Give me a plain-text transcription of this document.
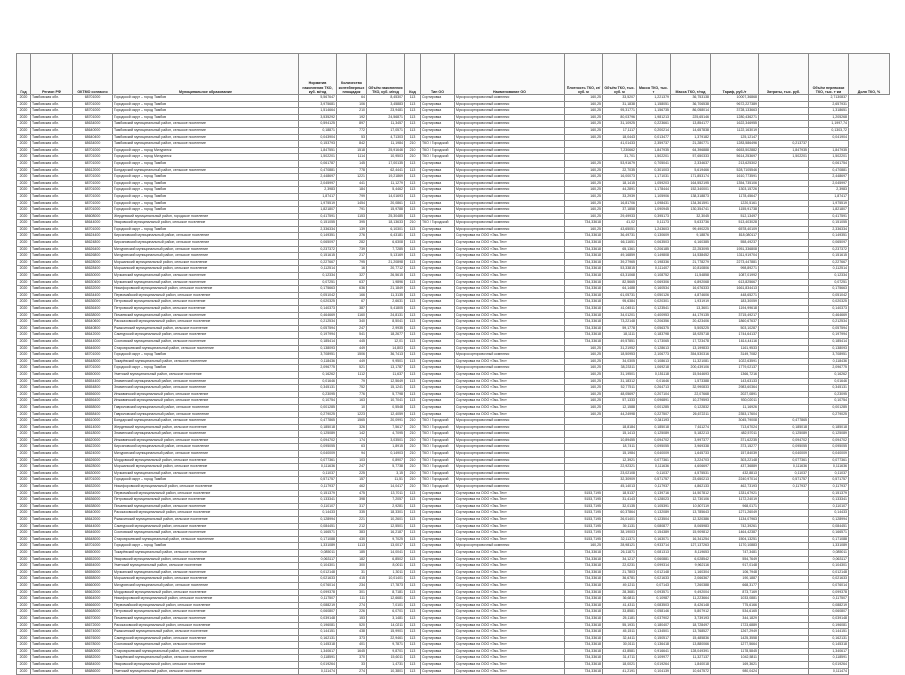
Год	Регион РФ	ОКТМО согласно	Муниципальное образование	Норматив накопления ТКО, куб. м/год	Количество контейнерных площадок	Объём накопления ТКО, куб. м/год	Код	Тип ОО	Наименование ОО	Плотность ТКО, кг/куб. м	Объём ТКО, тыс. куб. м	Масса ТКО, тыс. т	Масса ТКО, т/год	Тариф, руб./т	Затраты, тыс. руб.	Объём перевозки ТКО, тыс. т·км	Доля ТКО, %
2020	Тамбовская обл.	68701000	Городской округ – город Тамбов	5,567647	64	8,45307	113	Сортировка	Мусоросортировочный комплекс	160,25	33,5207	1,221379	36,753138	10007,36868		2,7130837	
2020	Тамбовская обл.	68701000	Городской округ – город Тамбов	3,975681	106	3,45883	113	Сортировка	Мусоросортировочный комплекс	160,25	31,1838	1,158051	36,706538	9672,227389		2,657931	
2020	Тамбовская обл.	68701000	Городской округ – город Тамбов	1,514664	210	23,9481	113	Сортировка	Мусоросортировочный комплекс	160,25	95,31771	1,156735	86,058014	3728,133663		1,318651	
2020	Тамбовская обл.	68701000	Городской округ – город Тамбов	3,535292	192	24,56871	113	Сортировка	Мусоросортировочный комплекс	160,25	80,03796	1,981213	225,65146	1280,436271		1,205268	
2020	Тамбовская обл.	68634000	Тамбовский муниципальный район, сельское поселение	0,594125	897	11,3457	113	Сортировка	Мусоросортировочный комплекс	160,25	31,10925	0,223661	13,854177	1622,346955		1,1997,74	
2020	Тамбовская обл.	68640000	Тамбовский муниципальный район, сельское поселение	0,18871	772	17,0571	113	Сортировка	Мусоросортировочный комплекс	160,25	17,1117	0,200214	14,657838	1122,163019		0,1303,72	
2020	Тамбовская обл.	68640400	Тамбовский муниципальный район, сельское поселение	0,043904	53	4,71303	113	Сортировка	Мусоросортировочный комплекс	160,25	18,0443	0,013477	1,379182	125,12147		0,041904	
2020	Тамбовская обл.	68634000	Тамбовский муниципальный район, сельское поселение	0,153793	842	11,1984	210	ТКО / Городской	Мусоросортировочный комплекс		41,01433	2,359737	21,280771	1283,586496	0,213737		
2020	Тамбовская обл.	68701000	Городской округ – город Мичуринск	1,847551	1518	25,91646	210	ТКО / Городской	Мусоросортировочный комплекс		7,230662	1,847935	64,396888	6653,502882	1,847935	1,847935	
2020	Тамбовская обл.	68701000	Городской округ – город Мичуринск	1,502201	1114	10,9503	210	ТКО / Городской	Мусоросортировочный комплекс		31,701	1,502201	57,650333	5614,253697	1,502201	1,502201	
2020	Тамбовская обл.	68701000	Городской округ – город Тамбов	0,061787	145	17,00135	113	Сортировка	Мусоросортировочный комплекс	160,25	53,91679	0,705041	2,334637	213,625302		0,061754	
2020	Тамбовская обл.	68612000	Бондарский муниципальный район, сельское поселение	0,470881	778	62,4441	113	Сортировка	Мусоросортировочный комплекс	160,25	22,7035	0,301003	5,619466	528,7105546		0,470881	
2020	Тамбовская обл.	68701000	Городской округ – город Тамбов	2,448697	1221	19,21869	113	Сортировка	Мусоросортировочный комплекс	160,25	16,00073	1,171031	171,853174	1610,773591		2,448697	
2020	Тамбовская обл.	68701000	Городской округ – город Тамбов	2,045997	441	11,1279	113	Сортировка	Мусоросортировочный комплекс	160,25	18,1415	1,059203	164,552195	1354,735106		2,045997	
2020	Тамбовская обл.	68701000	Городской округ – город Тамбов	2,3983	184	5,4462	113	Сортировка	Мусоросортировочный комплекс	160,25	44,2891	1,178444	152,340001	1303,15726		2,3983	
2020	Тамбовская обл.	68701000	Городской округ – город Тамбов	1,87417	799	14,01693	113	Сортировка	Мусоросортировочный комплекс	160,25	33,2939	1,105906	138,318873	1178,45647		1,87417	
2020	Тамбовская обл.	68701000	Городской округ – город Тамбов	1,975519	1454	20,0861	113	Сортировка	Мусоросортировочный комплекс	160,25	16,81706	1,098431	134,361591	1220,5161		1,975519	
2020	Тамбовская обл.	68701000	Городской округ – город Тамбов	1,821807	791	15,9788	113	Сортировка	Мусоросортировочный комплекс	160,25	37,1858	1,090945	130,354741	1155,91738		1,821807	
2020	Тамбовская обл.	68608000	Жердевский муниципальный район, городское поселение	0,417591	1153	25,30485	113	Сортировка	Мусоросортировочный комплекс	160,25	29,49933	0,395173	32,3045	512,13497		0,417591	
2020	Тамбовская обл.	68644000	Уваровский муниципальный район, сельское поселение	0,151055	395	18,13633	210	ТКО / Городской	Мусоросортировочный комплекс	734,33618	41,02	0,11173	5,633736	513,403028		0,151055	
2020	Тамбовская обл.	68701000	Городской округ – город Тамбов	2,336334	139	6,10301	113	Сортировка	Мусоросортировочный комплекс	160,25	43,65051	1,243603	99,490225	6578,40109		2,336334	
2020	Тамбовская обл.	68624400	Кирсановский муниципальный район, сельское поселение	0,149351	276	6,43181	113	Сортировка	Сортировка на ООО «Эко-Тех»	734,33618	36,49731	0,130609	9,18876	818,080117		0,149351	
2020	Тамбовская обл.	68624800	Кирсановский муниципальный район, сельское поселение	0,065097	282	6,6308	113	Сортировка	Сортировка на ООО «Эко-Тех»	734,33618	66,11651	0,063503	6,160385	558,49237		0,065097	
2020	Тамбовская обл.	68626400	Мичуринский муниципальный район, сельское поселение	0,237372	739	7,7285	113	Сортировка	Сортировка на ООО «Эко-Тех»	734,33618	65,1361	0,206185	22,253095	1951,336808		0,237372	
2020	Тамбовская обл.	68626800	Мичуринский муниципальный район, сельское поселение	0,151615	217	5,13169	113	Сортировка	Сортировка на ООО «Эко-Тех»	734,33618	49,16859	0,149808	14,538452	1311,919704		0,151615	
2020	Тамбовская обл.	68628000	Моршанский муниципальный район, сельское поселение	0,227667	795	21,20898	113	Сортировка	Сортировка на ООО «Эко-Тех»	734,33618	39,27965	0,198336	21,778279	2273,447881		0,227667	
2020	Тамбовская обл.	68628400	Моршанский муниципальный район, сельское поселение	0,112514	16	20,7712	113	Сортировка	Сортировка на ООО «Эко-Тех»	734,33618	53,33815	0,111407	10,810806	998,89271		0,112514	
2020	Тамбовская обл.	68630000	Мучкапский муниципальный район, сельское поселение	0,12334	327	26,5615	113	Сортировка	Сортировка на ООО «Эко-Тех»	734,33618	63,31068	0,108752	11,54858	1087,01992		0,12334	
2020	Тамбовская обл.	68630400	Мучкапский муниципальный район, сельское поселение	0,07251	637	1,9896	113	Сортировка	Сортировка на ООО «Эко-Тех»	734,33618	82,5665	0,069306	6,892068	613,825667		0,07251	
2020	Тамбовская обл.	68632000	Никифоровский муниципальный район, сельское поселение	0,175663	636	21,1849	113	Сортировка	Сортировка на ООО «Эко-Тех»	734,33618	64,1488	0,160534	16,676333	1661,834413		0,175663	
2020	Тамбовская обл.	68634400	Первомайский муниципальный район, сельское поселение	0,051042	166	11,3135	113	Сортировка	Сортировка на ООО «Эко-Тех»	734,33618	61,05731	0,050126	4,874606	448,65271		0,051042	
2020	Тамбовская обл.	68636000	Петровский муниципальный район, сельское поселение	0,020325	67	2,6631	113	Сортировка	Сортировка на ООО «Эко-Тех»	734,33618	95,6384	0,020301	1,931919	183,30059		0,020325	
2020	Тамбовская обл.	68636400	Петровский муниципальный район, сельское поселение	0,140373	387	5,41805	113	Сортировка	Сортировка на ООО «Эко-Тех»	734,33618	41,04511	0,123541	13,3601	1194,99618		0,140373	
2020	Тамбовская обл.	68638000	Пичаевский муниципальный район, сельское поселение	0,464669	1160	24,8131	113	Сортировка	Сортировка на ООО «Эко-Тех»	734,33618	34,01201	0,400953	44,179135	3715,49217		0,464669	
2020	Тамбовская обл.	68640600	Рассказовский муниципальный район, сельское поселение	0,212534	340	8,5041	113	Сортировка	Сортировка на ООО «Эко-Тех»	734,33618	73,22148	0,206356	20,423406	1860,67637		0,212534	
2020	Тамбовская обл.	68640800	Ржаксинский муниципальный район, сельское поселение	0,057594	247	2,9935	113	Сортировка	Сортировка на ООО «Эко-Тех»	734,33618	59,1778	0,056375	5,505225	503,10287		0,057594	
2020	Тамбовская обл.	68642000	Сампурский муниципальный район, сельское поселение	0,197994	541	18,2677	113	Сортировка	Сортировка на ООО «Эко-Тех»	734,33618	18,1111	0,183798	18,925718	1744,64137		0,197994	
2020	Тамбовская обл.	68644000	Сосновский муниципальный район, сельское поселение	0,185414	445	12,01	113	Сортировка	Сортировка на ООО «Эко-Тех»	734,33618	49,57851	0,173065	17,723478	1614,44116		0,185414	
2020	Тамбовская обл.	68646000	Староюрьевский муниципальный район, сельское поселение	0,138093	449	14,803	113	Сортировка	Сортировка на ООО «Эко-Тех»	160,25	31,21952	0,128613	13,199833	1161,9533		0,138093	
2020	Тамбовская обл.	68701000	Городской округ – город Тамбов	3,708951	1506	36,7413	113	Сортировка	Мусоросортировочный комплекс	160,25	18,50953	2,106773	354,530316	3149,7082		3,708951	
2020	Тамбовская обл.	68648000	Токарёвский муниципальный район, сельское поселение	0,118436	449	9,9501	113	Сортировка	Сортировка на ООО «Эко-Тех»	160,25	34,0305	0,108613	11,321081	1022,63591		0,118436	
2020	Тамбовская обл.	68701000	Городской округ – город Тамбов	2,096775	521	13,1787	113	Сортировка	Мусоросортировочный комплекс	160,25	38,23311	1,069218	200,439106	1779,02137		2,096775	
2020	Тамбовская обл.	68650000	Уметский муниципальный район, сельское поселение	0,16262	1112	11,637	113	Сортировка	Сортировка на ООО «Эко-Тех»	160,25	31,19501	0,151118	15,544693	1366,7216		0,16262	
2020	Тамбовская обл.	68654400	Знаменский муниципальный район, сельское поселение	0,01646	79	12,5649	113	Сортировка	Сортировка на ООО «Эко-Тех»	160,25	31,18312	0,01646	1,573388	143,63133		0,01646	
2020	Тамбовская обл.	68654800	Знаменский муниципальный район, сельское поселение	0,345131	752	15,1241	113	Сортировка	Сортировка на ООО «Эко-Тех»	160,25	52,77511	0,264713	32,990833	2983,60364		0,345131	
2020	Тамбовская обл.	68656000	Инжавинский муниципальный район, сельское поселение	0,23095	776	5,7798	113	Сортировка	Сортировка на ООО «Эко-Тех»	160,25	48,05697	0,207104	22,07668	2027,0891		0,23095	
2020	Тамбовская обл.	68656400	Инжавинский муниципальный район, сельское поселение	0,10754	163	10,7041	113	Сортировка	Сортировка на ООО «Эко-Тех»	160,25	57,1333	0,096891	10,279593	930,02011		0,10754	
2020	Тамбовская обл.	68658000	Гавриловский муниципальный район, сельское поселение	0,001285	10	0,5548	113	Сортировка	Сортировка на ООО «Эко-Тех»	160,25	12,1588	0,001285	0,122832	11,16926		0,001285	
2020	Тамбовская обл.	68658400	Гавриловский муниципальный район, сельское поселение	0,279025	1223	12,4059	113	Сортировка	Сортировка на ООО «Эко-Тех»	160,25	44,24998	0,227507	26,672211	2353,17604		0,279025	
2020	Тамбовская обл.	68610000	Бондарский муниципальный район, сельское поселение	0,477865	1565	20,0991	210	ТКО / Городской	Мусоросортировочный комплекс			0,341193		3045,79008	0,477865		
2020	Тамбовская обл.	68614000	Жердевский муниципальный район, сельское поселение	0,185018	326	7,5617	210	ТКО / Городской	Мусоросортировочный комплекс		18,8184	0,185018	7,611274	713,67024	0,185018	0,185018	
2020	Тамбовская обл.	68618000	Знаменский муниципальный район, сельское поселение	0,125089	142	4,7095	210	ТКО / Городской	Мусоросортировочный комплекс		15,1413	0,125089	5,182213	482,57011	0,125089	0,125089	
2020	Тамбовская обл.	68620000	Инжавинский муниципальный район, сельское поселение	0,094702	174	3,03501	210	ТКО / Городской	Мусоросортировочный комплекс		10,89455	0,094702	3,997377	371,62235	0,094702	0,094702	
2020	Тамбовская обл.	68622000	Кирсановский муниципальный район, сельское поселение	0,095055	63	1,8915	210	ТКО / Городской	Мусоросортировочный комплекс		18,7411	0,095055	3,969338	373,15277	0,095055	0,095055	
2020	Тамбовская обл.	68624000	Мичуринский муниципальный район, сельское поселение	0,040009	94	0,14903	210	ТКО / Городской	Мусоросортировочный комплекс		15,1984	0,040009	1,645733	157,84039	0,040009	0,040009	
2020	Тамбовская обл.	68626000	Мордовский муниципальный район, сельское поселение	0,077361	103	0,8907	210	ТКО / Городской	Мусоросортировочный комплекс		12,3921	0,077361	3,224703	303,22148	0,077361	0,077361	
2020	Тамбовская обл.	68628000	Моршанский муниципальный район, сельское поселение	0,111636	247	5,7738	210	ТКО / Городской	Мусоросортировочный комплекс		22,92321	0,111636	4,606697	437,36889	0,111636	0,111636	
2020	Тамбовская обл.	68630000	Мучкапский муниципальный район, сельское поселение	0,11037	225	3,15	210	ТКО / Городской	Мусоросортировочный комплекс		23,02108	0,11037	4,575531	432,8813	0,11037	0,11037	
2020	Тамбовская обл.	68701000	Городской округ – город Тамбов	0,571757	157	11,51	210	ТКО / Городской	Мусоросортировочный комплекс		32,30909	0,571757	23,650213	2240,97014	0,571757	0,571757	
2020	Тамбовская обл.	68632000	Никифоровский муниципальный район, сельское поселение	0,117937	462	14,0417	210	ТКО / Городской	Мусоросортировочный комплекс		45,14013	0,117937	4,862133	462,73193	0,117937	0,117937	
2020	Тамбовская обл.	68634000	Первомайский муниципальный район, сельское поселение	0,151379	475	13,7011	113	Сортировка	Сортировка на ООО «Эко-Тех»	5153,7195	18,5137	0,139716	14,507812	1331,67921		0,151379	
2020	Тамбовская обл.	68636000	Петровский муниципальный район, сельское поселение	0,133341	398	7,2057	113	Сортировка	Сортировка на ООО «Эко-Тех»	5153,7195	31,4143	0,128023	12,730106	1172,24019		0,133341	
2020	Тамбовская обл.	68638000	Пичаевский муниципальный район, сельское поселение	0,110107	317	2,9281	113	Сортировка	Сортировка на ООО «Эко-Тех»	5153,7195	32,0135	0,105391	10,507119	968,0171		0,110107	
2020	Тамбовская обл.	68640000	Рассказовский муниципальный район, сельское поселение	0,14433	335	18,3301	113	Сортировка	Сортировка на ООО «Эко-Тех»	5153,7195	60,37864	0,132089	13,785643	1271,26049		0,14433	
2020	Тамбовская обл.	68642000	Ржаксинский муниципальный район, сельское поселение	0,128994	221	10,2601	113	Сортировка	Сортировка на ООО «Эко-Тех»	5153,7195	26,01401	0,123504	12,320386	1134,07963		0,128994	
2020	Тамбовская обл.	68644000	Сампурский муниципальный район, сельское поселение	0,084451	212	12,5501	113	Сортировка	Сортировка на ООО «Эко-Тех»	5153,7195	39,1131	0,080877	8,065983	742,39261		0,084451	
2020	Тамбовская обл.	68646000	Сосновский муниципальный район, сельское поселение	0,166571	383	16,2187	113	Сортировка	Сортировка на ООО «Эко-Тех»	5153,7195	38,19003	0,154389	15,909812	1464,42387		0,166571	
2020	Тамбовская обл.	68648000	Староюрьевский муниципальный район, сельское поселение	0,171088	430	9,7025	113	Сортировка	Сортировка на ООО «Эко-Тех»	5153,7195	32,11371	0,163071	16,341254	1504,13251		0,171088	
2020	Тамбовская обл.	68701000	Городской округ – город Тамбов	1,331089	1113	13,0017	113	Сортировка	Мусоросортировочный комплекс	160,25	28,98121	0,933714	127,137263	1170,10883		1,331089	
2020	Тамбовская обл.	68650000	Токарёвский муниципальный район, сельское поселение	0,085011	185	14,0041	113	Сортировка	Сортировка на ООО «Эко-Тех»	734,33618	26,11871	0,081313	8,119653	747,3481		0,085011	
2020	Тамбовская обл.	68652000	Уваровский муниципальный район, сельское поселение	0,063117	182	6,8502	113	Сортировка	Сортировка на ООО «Эко-Тех»	734,33618	34,1217	0,060881	6,028542	554,7649		0,063117	
2020	Тамбовская обл.	68654000	Уметский муниципальный район, сельское поселение	0,104301	300	8,0011	113	Сортировка	Сортировка на ООО «Эко-Тех»	734,33618	22,0231	0,099314	9,962116	917,0148		0,104301	
2020	Тамбовская обл.	68656000	Мучкапский муниципальный район, сельское поселение	0,012148	31	1,3011	113	Сортировка	Сортировка на ООО «Эко-Тех»	734,33618	21,7803	0,012148	1,160304	106,7948		0,012148	
2020	Тамбовская обл.	68658000	Моршанский муниципальный район, сельское поселение	0,021633	415	10,01401	113	Сортировка	Сортировка на ООО «Эко-Тех»	734,33618	36,6781	0,021633	2,066367	190,1887		0,021633	
2020	Тамбовская обл.	68660000	Мичуринский муниципальный район, сельское поселение	0,076014	234	17,7873	113	Сортировка	Сортировка на ООО «Эко-Тех»	734,33618	49,1211	0,07143	7,260388	668,3177		0,076014	
2020	Тамбовская обл.	68662000	Мордовский муниципальный район, сельское поселение	0,099378	301	8,7181	113	Сортировка	Сортировка на ООО «Эко-Тех»	734,33618	28,3681	0,093571	9,492004	873,7169		0,099378	
2020	Тамбовская обл.	68664000	Никифоровский муниципальный район, сельское поселение	0,117507	111	12,6681	113	Сортировка	Сортировка на ООО «Эко-Тех»	734,33618	36,6811	0,10987	11,223664	1033,0881		0,117507	
2020	Тамбовская обл.	68666000	Первомайский муниципальный район, сельское поселение	0,088219	274	7,0101	113	Сортировка	Сортировка на ООО «Эко-Тех»	734,33618	41,4311	0,083503	8,426148	775,6166		0,088219	
2020	Тамбовская обл.	68668000	Петровский муниципальный район, сельское поселение	0,060807	226	6,0701	113	Сортировка	Сортировка на ООО «Эко-Тех»	734,33618	33,8581	0,058146	5,807912	534,6165		0,060807	
2020	Тамбовская обл.	68670000	Пичаевский муниципальный район, сельское поселение	0,039148	153	3,1481	113	Сортировка	Сортировка на ООО «Эко-Тех»	734,33618	25,1181	0,037902	3,739193	344,1829		0,039148	
2020	Тамбовская обл.	68672000	Рассказовский муниципальный район, сельское поселение	0,196081	520	14,0211	113	Сортировка	Сортировка на ООО «Эко-Тех»	734,33618	55,1931	0,180407	18,728497	1723,6889		0,196081	
2020	Тамбовская обл.	68674000	Ржаксинский муниципальный район, сельское поселение	0,144151	438	15,9901	113	Сортировка	Сортировка на ООО «Эко-Тех»	734,33618	45,1511	0,134501	13,768527	1267,2949		0,144151	
2020	Тамбовская обл.	68676000	Сампурский муниципальный район, сельское поселение	0,162131	373	22,9461	113	Сортировка	Сортировка на ООО «Эко-Тех»	734,33618	32,4411	0,150517	15,485836	1425,3558		0,162131	
2020	Тамбовская обл.	68678000	Сосновский муниципальный район, сельское поселение	0,145318	401	9,7871	113	Сортировка	Сортировка на ООО «Эко-Тех»	734,33618	30,0111	0,136418	13,880066	1277,5664		0,145318	
2020	Тамбовская обл.	68680000	Староюрьевский муниципальный район, сельское поселение	1,340617	1645	9,8701	113	Сортировка	Сортировка на ООО «Эко-Тех»	734,33618	43,8581	0,916641	128,049391	1178,5845		1,340617	
2020	Тамбовская обл.	68682000	Токарёвский муниципальный район, сельское поселение	0,118591	370	15,6011	113	Сортировка	Сортировка на ООО «Эко-Тех»	734,33618	31,4711	0,109977	11,327137	1042,5811		0,118591	
2020	Тамбовская обл.	68684000	Уваровский муниципальный район, сельское поселение	0,019264	33	1,4731	113	Сортировка	Сортировка на ООО «Эко-Тех»	734,33618	18,0021	0,019264	1,840018	169,3621		0,019264	
2020	Тамбовская обл.	68686000	Уметский муниципальный район, сельское поселение	0,111474	274	10,3801	113	Сортировка	Сортировка на ООО «Эко-Тех»	734,33618	41,2191	0,104139	10,647572	980,0424		0,111474	
